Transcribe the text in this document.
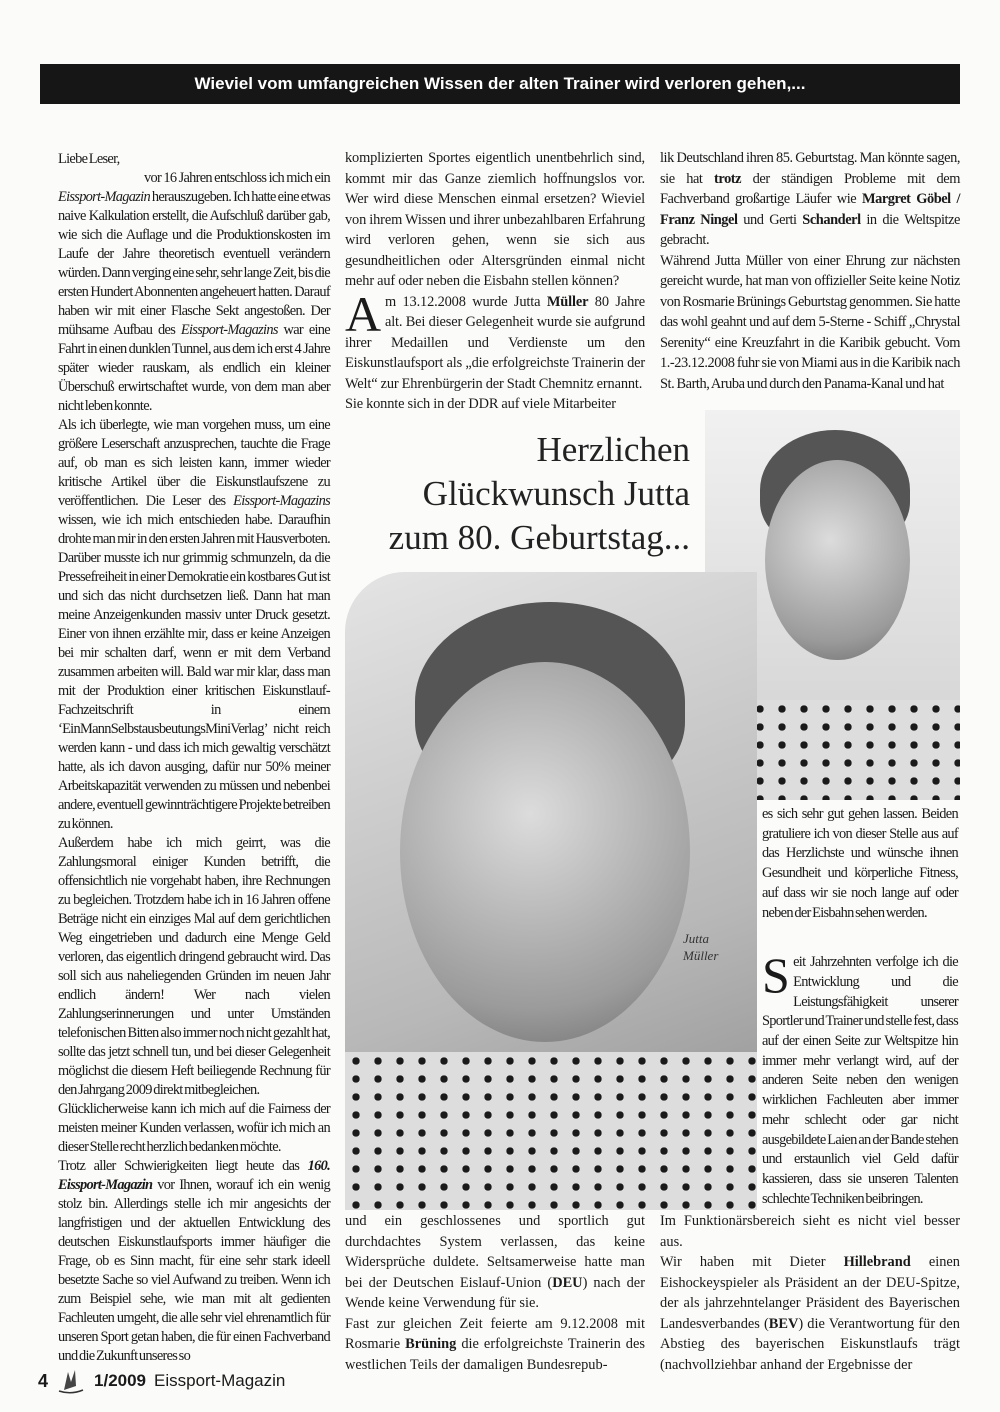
Wieviel vom umfangreichen Wissen der alten Trainer wird verloren gehen,...

Liebe Leser,

vor 16 Jahren entschloss ich mich ein Eissport-Magazin herauszugeben. Ich hatte eine etwas naive Kalkulation erstellt, die Aufschluß darüber gab, wie sich die Auflage und die Produktionskosten im Laufe der Jahre theoretisch eventuell verändern würden. Dann verging eine sehr, sehr lange Zeit, bis die ersten Hundert Abonnenten angeheuert hatten. Darauf haben wir mit einer Flasche Sekt angestoßen. Der mühsame Aufbau des Eissport-Magazins war eine Fahrt in einen dunklen Tunnel, aus dem ich erst 4 Jahre später wieder rauskam, als endlich ein kleiner Überschuß erwirtschaftet wurde, von dem man aber nicht leben konnte.

Als ich überlegte, wie man vorgehen muss, um eine größere Leserschaft anzusprechen, tauchte die Frage auf, ob man es sich leisten kann, immer wieder kritische Artikel über die Eiskunstlaufszene zu veröffentlichen. Die Leser des Eissport-Magazins wissen, wie ich mich entschieden habe. Daraufhin drohte man mir in den ersten Jahren mit Hausverboten. Darüber musste ich nur grimmig schmunzeln, da die Pressefreiheit in einer Demokratie ein kostbares Gut ist und sich das nicht durchsetzen ließ. Dann hat man meine Anzeigenkunden massiv unter Druck gesetzt. Einer von ihnen erzählte mir, dass er keine Anzeigen bei mir schalten darf, wenn er mit dem Verband zusammen arbeiten will. Bald war mir klar, dass man mit der Produktion einer kritischen Eiskunstlauf-Fachzeitschrift in einem ‘EinMannSelbstausbeutungsMiniVerlag’ nicht reich werden kann - und dass ich mich gewaltig verschätzt hatte, als ich davon ausging, dafür nur 50% meiner Arbeitskapazität verwenden zu müssen und nebenbei andere, eventuell gewinnträchtigere Projekte betreiben zu können.

Außerdem habe ich mich geirrt, was die Zahlungsmoral einiger Kunden betrifft, die offensichtlich nie vorgehabt haben, ihre Rechnungen zu begleichen. Trotzdem habe ich in 16 Jahren offene Beträge nicht ein einziges Mal auf dem gerichtlichen Weg eingetrieben und dadurch eine Menge Geld verloren, das eigentlich dringend gebraucht wird. Das soll sich aus naheliegenden Gründen im neuen Jahr endlich ändern! Wer nach vielen Zahlungserinnerungen und unter Umständen telefonischen Bitten also immer noch nicht gezahlt hat, sollte das jetzt schnell tun, und bei dieser Gelegenheit möglichst die diesem Heft beiliegende Rechnung für den Jahrgang 2009 direkt mitbegleichen.

Glücklicherweise kann ich mich auf die Fairness der meisten meiner Kunden verlassen, wofür ich mich an dieser Stelle recht herzlich bedanken möchte.

Trotz aller Schwierigkeiten liegt heute das 160. Eissport-Magazin vor Ihnen, worauf ich ein wenig stolz bin. Allerdings stelle ich mir angesichts der langfristigen und der aktuellen Entwicklung des deutschen Eiskunstlaufsports immer häufiger die Frage, ob es Sinn macht, für eine sehr stark ideell besetzte Sache so viel Aufwand zu treiben. Wenn ich zum Beispiel sehe, wie man mit alt gedienten Fachleuten umgeht, die alle sehr viel ehrenamtlich für unseren Sport getan haben, die für einen Fachverband und die Zukunft unseres so

komplizierten Sportes eigentlich unentbehrlich sind, kommt mir das Ganze ziemlich hoffnungslos vor. Wer wird diese Menschen einmal ersetzen? Wieviel von ihrem Wissen und ihrer unbezahlbaren Erfahrung wird verloren gehen, wenn sie sich aus gesundheitlichen oder Altersgründen einmal nicht mehr auf oder neben die Eisbahn stellen können?

Am 13.12.2008 wurde Jutta Müller 80 Jahre alt. Bei dieser Gelegenheit wurde sie aufgrund ihrer Medaillen und Verdienste um den Eiskunstlaufsport als „die erfolgreichste Trainerin der Welt“ zur Ehrenbürgerin der Stadt Chemnitz ernannt.

Sie konnte sich in der DDR auf viele Mitarbeiter

und ein geschlossenes und sportlich gut durchdachtes System verlassen, das keine Widersprüche duldete. Seltsamerweise hatte man bei der Deutschen Eislauf-Union (DEU) nach der Wende keine Verwendung für sie.

Fast zur gleichen Zeit feierte am 9.12.2008 mit Rosmarie Brüning die erfolgreichste Trainerin des westlichen Teils der damaligen Bundesrepub-

lik Deutschland ihren 85. Geburtstag. Man könnte sagen, sie hat trotz der ständigen Probleme mit dem Fachverband großartige Läufer wie Margret Göbel / Franz Ningel und Gerti Schanderl in die Weltspitze gebracht.

Während Jutta Müller von einer Ehrung zur nächsten gereicht wurde, hat man von offizieller Seite keine Notiz von Rosmarie Brünings Geburtstag genommen. Sie hatte das wohl geahnt und auf dem 5-Sterne - Schiff „Chrystal Serenity“ eine Kreuzfahrt in die Karibik gebucht. Vom 1.-23.12.2008 fuhr sie von Miami aus in die Karibik nach St. Barth, Aruba und durch den Panama-Kanal und hat

es sich sehr gut gehen lassen. Beiden gratuliere ich von dieser Stelle aus auf das Herzlichste und wünsche ihnen Gesundheit und körperliche Fitness, auf dass wir sie noch lange auf oder neben der Eisbahn sehen werden.

Seit Jahrzehnten verfolge ich die Entwicklung und die Leistungsfähigkeit unserer Sportler und Trainer und stelle fest, dass auf der einen Seite zur Weltspitze hin immer mehr verlangt wird, auf der anderen Seite neben den wenigen wirklichen Fachleuten aber immer mehr schlecht oder gar nicht ausgebildete Laien an der Bande stehen und erstaunlich viel Geld dafür kassieren, dass sie unseren Talenten schlechte Techniken beibringen.

Im Funktionärsbereich sieht es nicht viel besser aus.

Wir haben mit Dieter Hillebrand einen Eishockeyspieler als Präsident an der DEU-Spitze, der als jahrzehntelanger Präsident des Bayerischen Landesverbandes (BEV) die Verantwortung für den Abstieg des bayerischen Eiskunstlaufs trägt (nachvollziehbar anhand der Ergebnisse der

Herzlichen
Glückwunsch Jutta
zum 80. Geburtstag...
Jutta
Müller
4	1/2009 Eissport-Magazin
